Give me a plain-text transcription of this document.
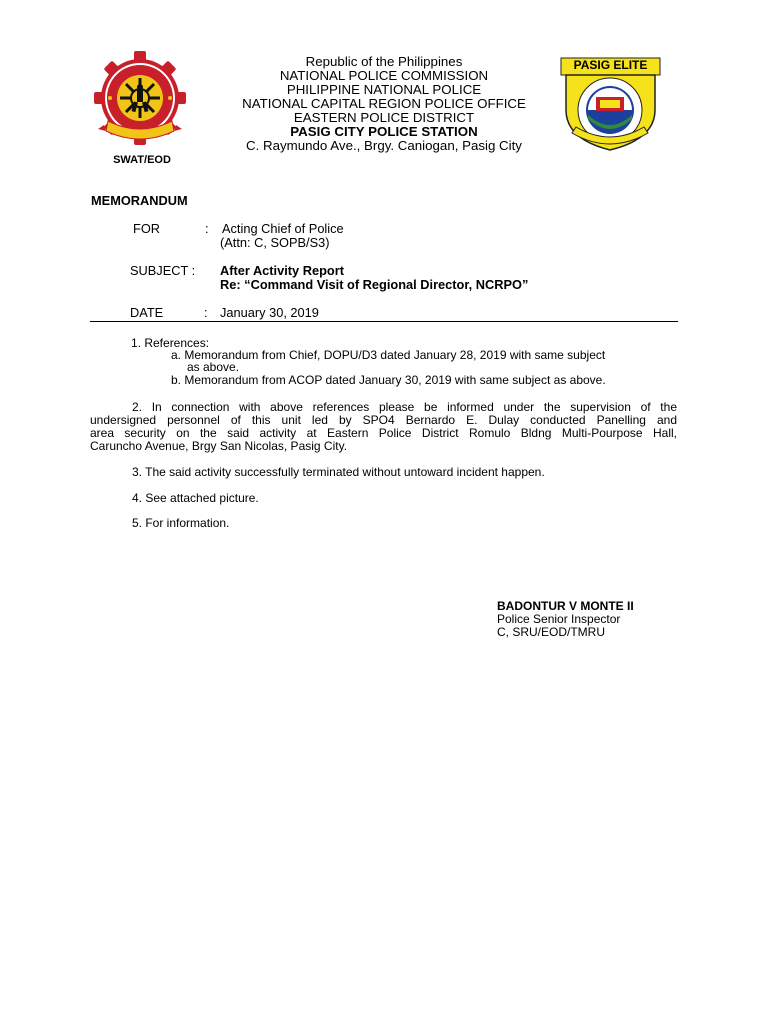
SWAT/EOD
PASIG ELITE
Republic of the Philippines
NATIONAL POLICE COMMISSION
PHILIPPINE NATIONAL POLICE
NATIONAL CAPITAL REGION POLICE OFFICE
EASTERN POLICE DISTRICT
PASIG CITY POLICE STATION
C. Raymundo Ave., Brgy. Caniogan, Pasig City
MEMORANDUM
FOR	: Acting Chief of Police
(Attn: C, SOPB/S3)
SUBJECT : After Activity Report
Re: “Command Visit of Regional Director, NCRPO”
DATE	: January 30, 2019
1. References:
a. Memorandum from Chief, DOPU/D3 dated January 28, 2019 with same subject
as above.
b. Memorandum from ACOP dated January 30, 2019 with same subject as above.
2. In connection with above references please be informed under the supervision of the
undersigned personnel of this unit led by SPO4 Bernardo E. Dulay conducted Panelling and
area security on the said activity at Eastern Police District Romulo Bldng Multi-Pourpose Hall,
Caruncho Avenue, Brgy San Nicolas, Pasig City.
3. The said activity successfully terminated without untoward incident happen.
4. See attached picture.
5. For information.
BADONTUR V MONTE II
Police Senior Inspector
C, SRU/EOD/TMRU
